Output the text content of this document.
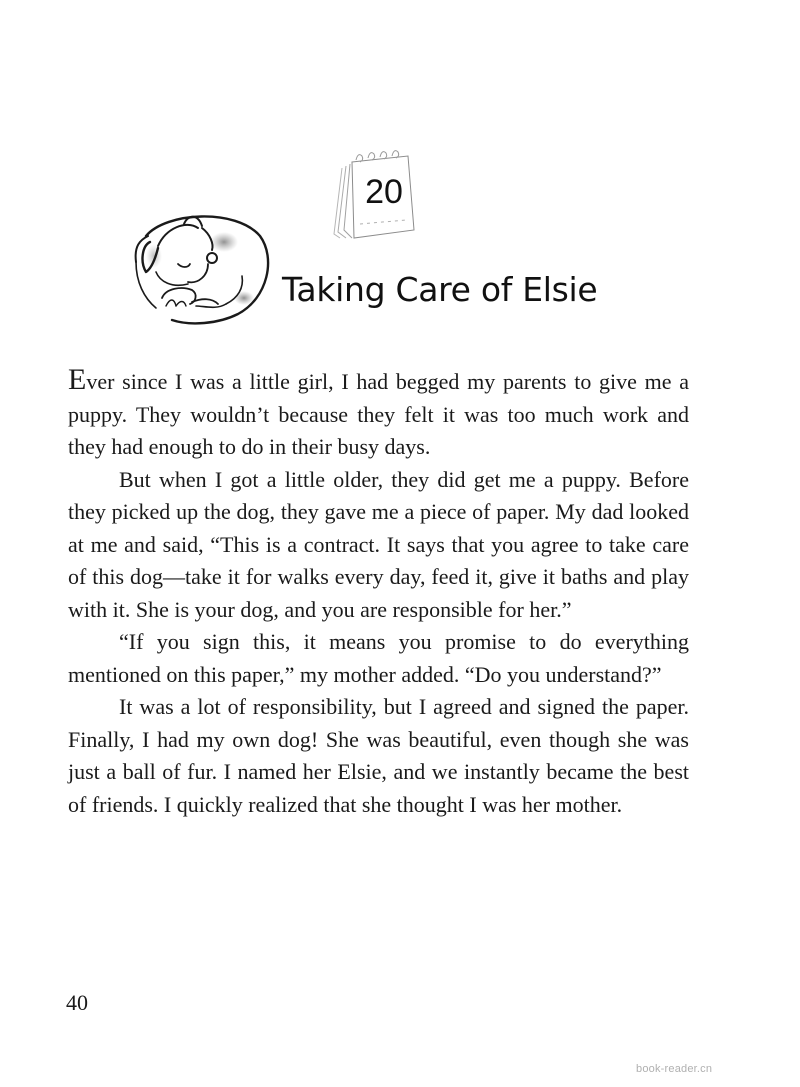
20
Taking Care of Elsie

Ever since I was a little girl, I had begged my parents to give me a puppy. They wouldn’t because they felt it was too much work and they had enough to do in their busy days.

But when I got a little older, they did get me a puppy. Before they picked up the dog, they gave me a piece of paper. My dad looked at me and said, “This is a contract. It says that you agree to take care of this dog—take it for walks every day, feed it, give it baths and play with it. She is your dog, and you are responsible for her.”

“If you sign this, it means you promise to do everything mentioned on this paper,” my mother added. “Do you understand?”

It was a lot of responsibility, but I agreed and signed the paper. Finally, I had my own dog! She was beautiful, even though she was just a ball of fur. I named her Elsie, and we instantly became the best of friends. I quickly realized that she thought I was her mother.

40
book-reader.cn
